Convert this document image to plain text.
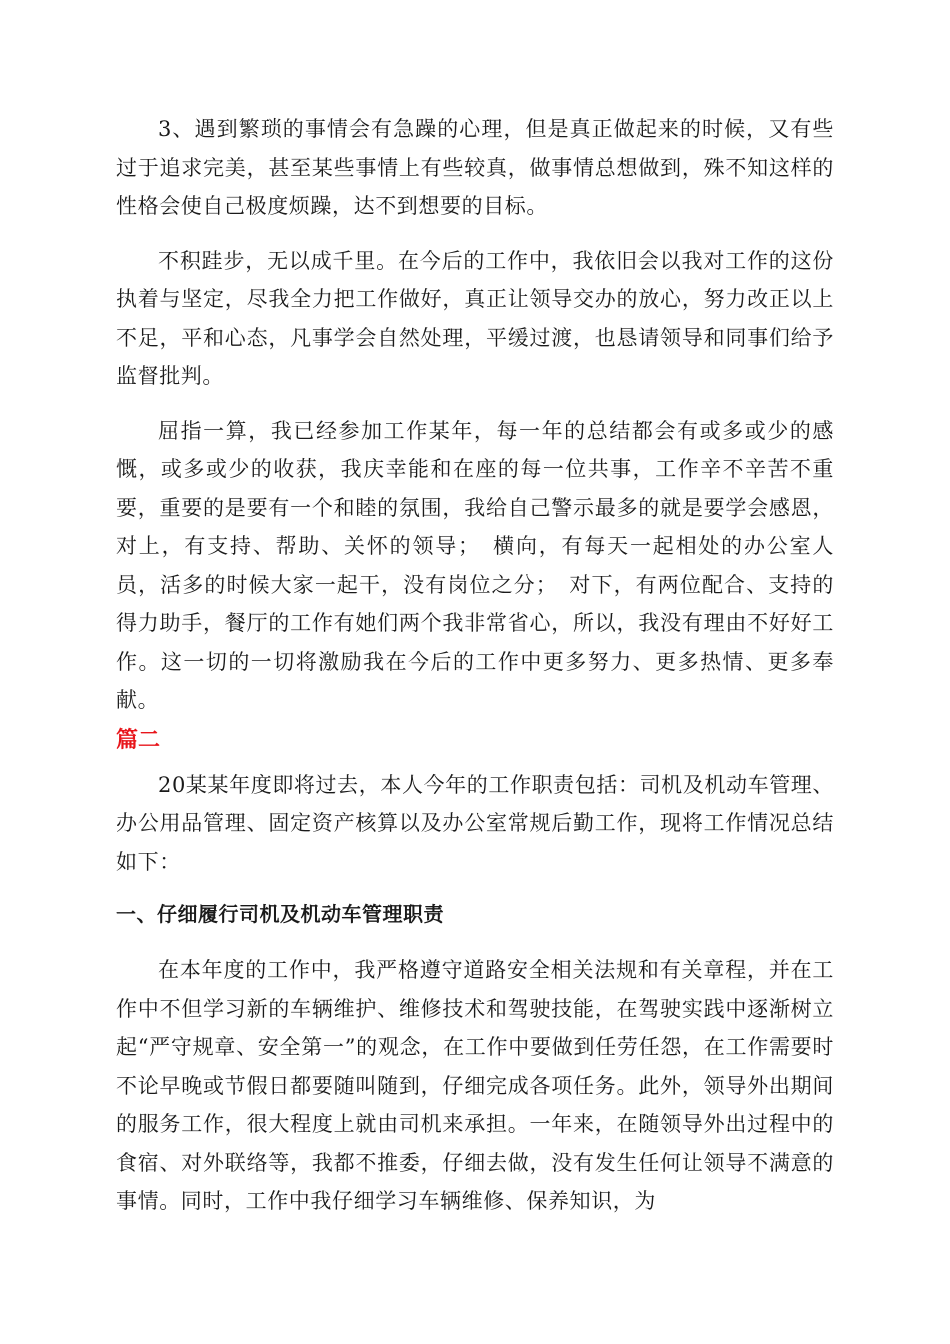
3、遇到繁琐的事情会有急躁的心理，但是真正做起来的时候，又有些过于追求完美，甚至某些事情上有些较真，做事情总想做到，殊不知这样的性格会使自己极度烦躁，达不到想要的目标。

不积跬步，无以成千里。在今后的工作中，我依旧会以我对工作的这份执着与坚定，尽我全力把工作做好，真正让领导交办的放心，努力改正以上不足，平和心态，凡事学会自然处理，平缓过渡，也恳请领导和同事们给予监督批判。

屈指一算，我已经参加工作某年，每一年的总结都会有或多或少的感慨，或多或少的收获，我庆幸能和在座的每一位共事，工作辛不辛苦不重要，重要的是要有一个和睦的氛围，我给自己警示最多的就是要学会感恩，对上，有支持、帮助、关怀的领导；　横向，有每天一起相处的办公室人员，活多的时候大家一起干，没有岗位之分；　对下，有两位配合、支持的得力助手，餐厅的工作有她们两个我非常省心，所以，我没有理由不好好工作。这一切的一切将激励我在今后的工作中更多努力、更多热情、更多奉献。

篇二

20某某年度即将过去，本人今年的工作职责包括：司机及机动车管理、办公用品管理、固定资产核算以及办公室常规后勤工作，现将工作情况总结如下：

一、仔细履行司机及机动车管理职责

在本年度的工作中，我严格遵守道路安全相关法规和有关章程，并在工作中不但学习新的车辆维护、维修技术和驾驶技能，在驾驶实践中逐渐树立起“严守规章、安全第一”的观念，在工作中要做到任劳任怨，在工作需要时不论早晚或节假日都要随叫随到，仔细完成各项任务。此外，领导外出期间的服务工作，很大程度上就由司机来承担。一年来，在随领导外出过程中的食宿、对外联络等，我都不推委，仔细去做，没有发生任何让领导不满意的事情。同时，工作中我仔细学习车辆维修、保养知识，为
